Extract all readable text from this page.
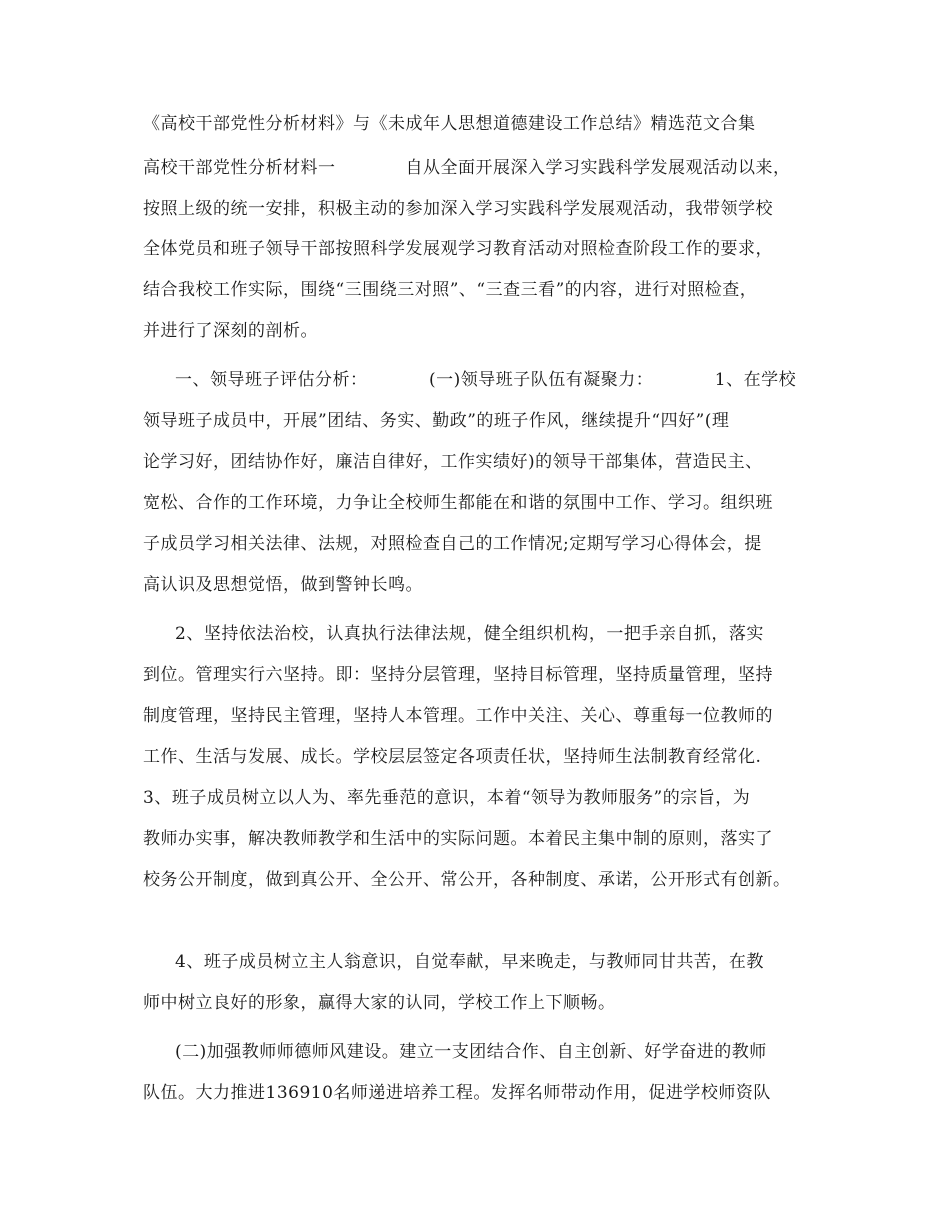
《高校干部党性分析材料》与《未成年人思想道德建设工作总结》精选范文合集
高校干部党性分析材料一　　　　自从全面开展深入学习实践科学发展观活动以来，
按照上级的统一安排，积极主动的参加深入学习实践科学发展观活动，我带领学校
全体党员和班子领导干部按照科学发展观学习教育活动对照检查阶段工作的要求，
结合我校工作实际，围绕“三围绕三对照”、“三查三看”的内容，进行对照检查，
并进行了深刻的剖析。
一、领导班子评估分析：　　　　(一)领导班子队伍有凝聚力：　　　　1、在学校
领导班子成员中，开展”团结、务实、勤政”的班子作风，继续提升“四好”(理
论学习好，团结协作好，廉洁自律好，工作实绩好)的领导干部集体，营造民主、
宽松、合作的工作环境，力争让全校师生都能在和谐的氛围中工作、学习。组织班
子成员学习相关法律、法规，对照检查自己的工作情况;定期写学习心得体会，提
高认识及思想觉悟，做到警钟长鸣。
2、坚持依法治校，认真执行法律法规，健全组织机构，一把手亲自抓，落实
到位。管理实行六坚持。即：坚持分层管理，坚持目标管理，坚持质量管理，坚持
制度管理，坚持民主管理，坚持人本管理。工作中关注、关心、尊重每一位教师的
工作、生活与发展、成长。学校层层签定各项责任状，坚持师生法制教育经常化.
3、班子成员树立以人为、率先垂范的意识，本着“领导为教师服务”的宗旨，为
教师办实事，解决教师教学和生活中的实际问题。本着民主集中制的原则，落实了
校务公开制度，做到真公开、全公开、常公开，各种制度、承诺，公开形式有创新。
4、班子成员树立主人翁意识，自觉奉献，早来晚走，与教师同甘共苦，在教
师中树立良好的形象，赢得大家的认同，学校工作上下顺畅。
(二)加强教师师德师风建设。建立一支团结合作、自主创新、好学奋进的教师
队伍。大力推进136910名师递进培养工程。发挥名师带动作用，促进学校师资队
